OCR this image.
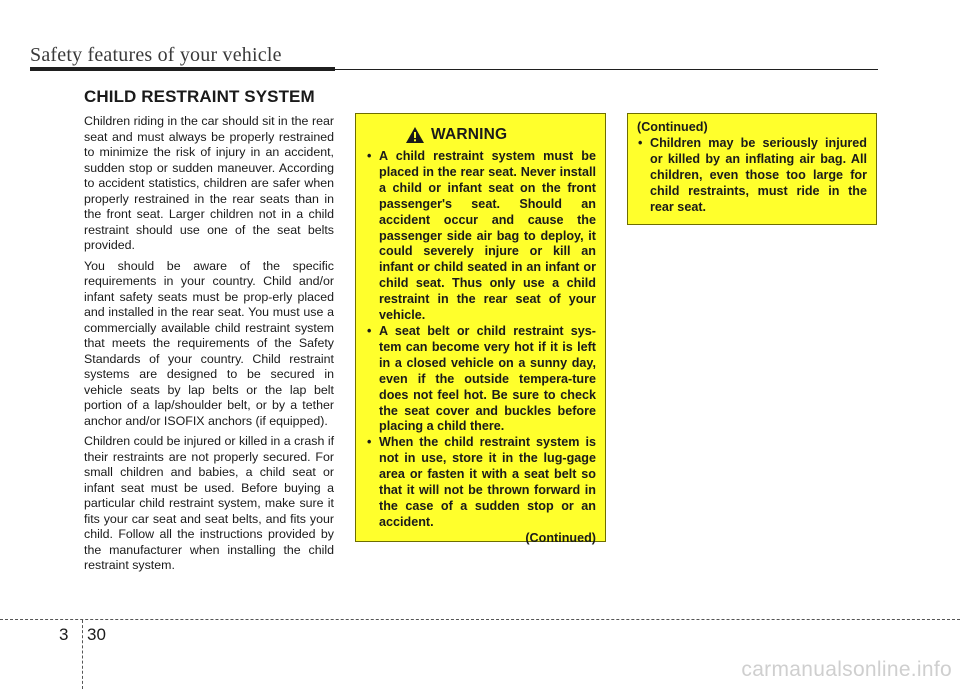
Safety features of your vehicle
CHILD RESTRAINT SYSTEM

Children riding in the car should sit in the rear seat and must always be properly restrained to minimize the risk of injury in an accident, sudden stop or sudden maneuver. According to accident statistics, children are safer when properly restrained in the rear seats than in the front seat. Larger children not in a child restraint should use one of the seat belts provided.

You should be aware of the specific requirements in your country. Child and/or infant safety seats must be prop-erly placed and installed in the rear seat. You must use a commercially available child restraint system that meets the requirements of the Safety Standards of your country. Child restraint systems are designed to be secured in vehicle seats by lap belts or the lap belt portion of a lap/shoulder belt, or by a tether anchor and/or ISOFIX anchors (if equipped).

Children could be injured or killed in a crash if their restraints are not properly secured. For small children and babies, a child seat or infant seat must be used. Before buying a particular child restraint system, make sure it fits your car seat and seat belts, and fits your child. Follow all the instructions provided by the manufacturer when installing the child restraint system.

WARNING
• A child restraint system must be placed in the rear seat. Never install a child or infant seat on the front passenger's seat. Should an accident occur and cause the passenger side air bag to deploy, it could severely injure or kill an infant or child seated in an infant or child seat. Thus only use a child restraint in the rear seat of your vehicle.
• A seat belt or child restraint sys-tem can become very hot if it is left in a closed vehicle on a sunny day, even if the outside tempera-ture does not feel hot. Be sure to check the seat cover and buckles before placing a child there.
• When the child restraint system is not in use, store it in the lug-gage area or fasten it with a seat belt so that it will not be thrown forward in the case of a sudden stop or an accident.
(Continued)
(Continued)
• Children may be seriously injured or killed by an inflating air bag. All children, even those too large for child restraints, must ride in the rear seat.
3 30
carmanualsonline.info
